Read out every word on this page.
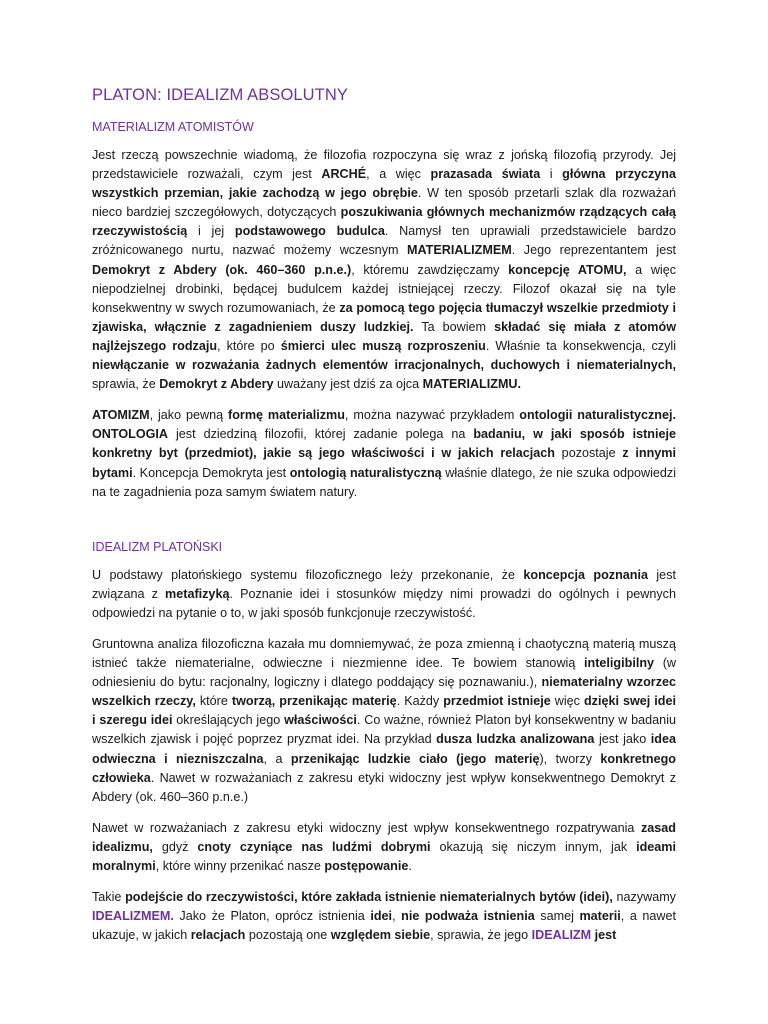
PLATON: IDEALIZM ABSOLUTNY
MATERIALIZM ATOMISTÓW

Jest rzeczą powszechnie wiadomą, że filozofia rozpoczyna się wraz z jońską filozofią przyrody. Jej przedstawiciele rozważali, czym jest ARCHÉ, a więc prazasada świata i główna przyczyna wszystkich przemian, jakie zachodzą w jego obrębie. W ten sposób przetarli szlak dla rozważań nieco bardziej szczegółowych, dotyczących poszukiwania głównych mechanizmów rządzących całą rzeczywistością i jej podstawowego budulca. Namysł ten uprawiali przedstawiciele bardzo zróżnicowanego nurtu, nazwać możemy wczesnym MATERIALIZMEM. Jego reprezentantem jest Demokryt z Abdery (ok. 460–360 p.n.e.), któremu zawdzięczamy koncepcję ATOMU, a więc niepodzielnej drobinki, będącej budulcem każdej istniejącej rzeczy. Filozof okazał się na tyle konsekwentny w swych rozumowaniach, że za pomocą tego pojęcia tłumaczył wszelkie przedmioty i zjawiska, włącznie z zagadnieniem duszy ludzkiej. Ta bowiem składać się miała z atomów najlżejszego rodzaju, które po śmierci ulec muszą rozproszeniu. Właśnie ta konsekwencja, czyli niewłączanie w rozważania żadnych elementów irracjonalnych, duchowych i niematerialnych, sprawia, że Demokryt z Abdery uważany jest dziś za ojca MATERIALIZMU.

ATOMIZM, jako pewną formę materializmu, można nazywać przykładem ontologii naturalistycznej. ONTOLOGIA jest dziedziną filozofii, której zadanie polega na badaniu, w jaki sposób istnieje konkretny byt (przedmiot), jakie są jego właściwości i w jakich relacjach pozostaje z innymi bytami. Koncepcja Demokryta jest ontologią naturalistyczną właśnie dlatego, że nie szuka odpowiedzi na te zagadnienia poza samym światem natury.

IDEALIZM PLATOŃSKI

U podstawy platońskiego systemu filozoficznego leży przekonanie, że koncepcja poznania jest związana z metafizyką. Poznanie idei i stosunków między nimi prowadzi do ogólnych i pewnych odpowiedzi na pytanie o to, w jaki sposób funkcjonuje rzeczywistość.

Gruntowna analiza filozoficzna kazała mu domniemywać, że poza zmienną i chaotyczną materią muszą istnieć także niematerialne, odwieczne i niezmienne idee. Te bowiem stanowią inteligibilny (w odniesieniu do bytu: racjonalny, logiczny i dlatego poddający się poznawaniu.), niematerialny wzorzec wszelkich rzeczy, które tworzą, przenikając materię. Każdy przedmiot istnieje więc dzięki swej idei i szeregu idei określających jego właściwości. Co ważne, również Platon był konsekwentny w badaniu wszelkich zjawisk i pojęć poprzez pryzmat idei. Na przykład dusza ludzka analizowana jest jako idea odwieczna i niezniszczalna, a przenikając ludzkie ciało (jego materię), tworzy konkretnego człowieka. Nawet w rozważaniach z zakresu etyki widoczny jest wpływ konsekwentnego Demokryt z Abdery (ok. 460–360 p.n.e.)

Nawet w rozważaniach z zakresu etyki widoczny jest wpływ konsekwentnego rozpatrywania zasad idealizmu, gdyż cnoty czyniące nas ludźmi dobrymi okazują się niczym innym, jak ideami moralnymi, które winny przenikać nasze postępowanie.

Takie podejście do rzeczywistości, które zakłada istnienie niematerialnych bytów (idei), nazywamy IDEALIZMEM. Jako że Platon, oprócz istnienia idei, nie podważa istnienia samej materii, a nawet ukazuje, w jakich relacjach pozostają one względem siebie, sprawia, że jego IDEALIZM jest
